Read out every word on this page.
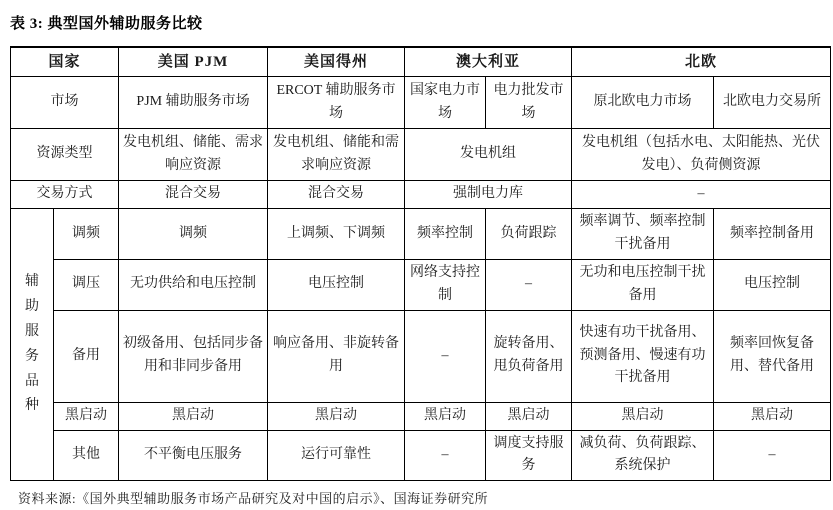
表 3: 典型国外辅助服务比较
国家		美国 PJM	美国得州	澳大利亚		北欧	
市场		PJM 辅助服务市场	ERCOT 辅助服务市场	国家电力市场	电力批发市场	原北欧电力市场	北欧电力交易所
资源类型		发电机组、储能、需求响应资源	发电机组、储能和需求响应资源	发电机组		发电机组（包括水电、太阳能热、光伏发电）、负荷侧资源	
交易方式		混合交易	混合交易	强制电力库		–	

辅助服务品种	调频	调频	上调频、下调频	频率控制	负荷跟踪	频率调节、频率控制干扰备用	频率控制备用
	调压	无功供给和电压控制	电压控制	网络支持控制	–	无功和电压控制干扰备用	电压控制
	备用	初级备用、包括同步备用和非同步备用	响应备用、非旋转备用	–	旋转备用、甩负荷备用	快速有功干扰备用、预测备用、慢速有功干扰备用	频率回恢复备用、替代备用
	黑启动	黑启动	黑启动	黑启动	黑启动	黑启动	黑启动
	其他	不平衡电压服务	运行可靠性	–	调度支持服务	减负荷、负荷跟踪、系统保护	–
资料来源:《国外典型辅助服务市场产品研究及对中国的启示》、国海证券研究所
